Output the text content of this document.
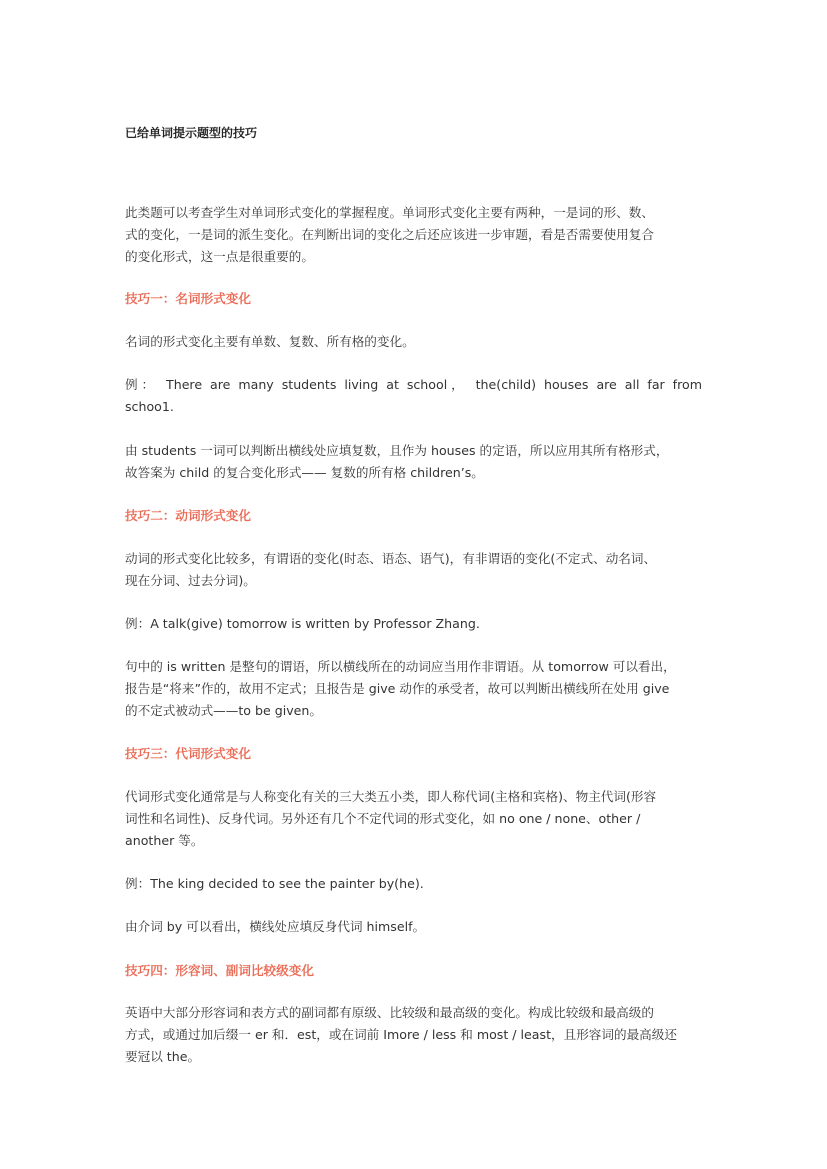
已给单词提示题型的技巧
此类题可以考查学生对单词形式变化的掌握程度。单词形式变化主要有两种，一是词的形、数、
式的变化，一是词的派生变化。在判断出词的变化之后还应该进一步审题，看是否需要使用复合
的变化形式，这一点是很重要的。
技巧一：名词形式变化
名词的形式变化主要有单数、复数、所有格的变化。
例： There are many students living at school， the(child) houses are all far from
schoo1.
由 students 一词可以判断出横线处应填复数，且作为 houses 的定语，所以应用其所有格形式，
故答案为 child 的复合变化形式—— 复数的所有格 children’s。
技巧二：动词形式变化
动词的形式变化比较多，有谓语的变化(时态、语态、语气)，有非谓语的变化(不定式、动名词、
现在分词、过去分词)。
例：A talk(give) tomorrow is written by Professor Zhang.
句中的 is written 是整句的谓语，所以横线所在的动词应当用作非谓语。从 tomorrow 可以看出，
报告是“将来”作的，故用不定式；且报告是 give 动作的承受者，故可以判断出横线所在处用 give
的不定式被动式——to be given。
技巧三：代词形式变化
代词形式变化通常是与人称变化有关的三大类五小类，即人称代词(主格和宾格)、物主代词(形容
词性和名词性)、反身代词。另外还有几个不定代词的形式变化，如 no one / none、other /
another 等。
例：The king decided to see the painter by(he).
由介词 by 可以看出，横线处应填反身代词 himself。
技巧四：形容词、副词比较级变化
英语中大部分形容词和表方式的副词都有原级、比较级和最高级的变化。构成比较级和最高级的
方式，或通过加后缀一 er 和．est，或在词前 Imore / less 和 most / least，且形容词的最高级还
要冠以 the。
